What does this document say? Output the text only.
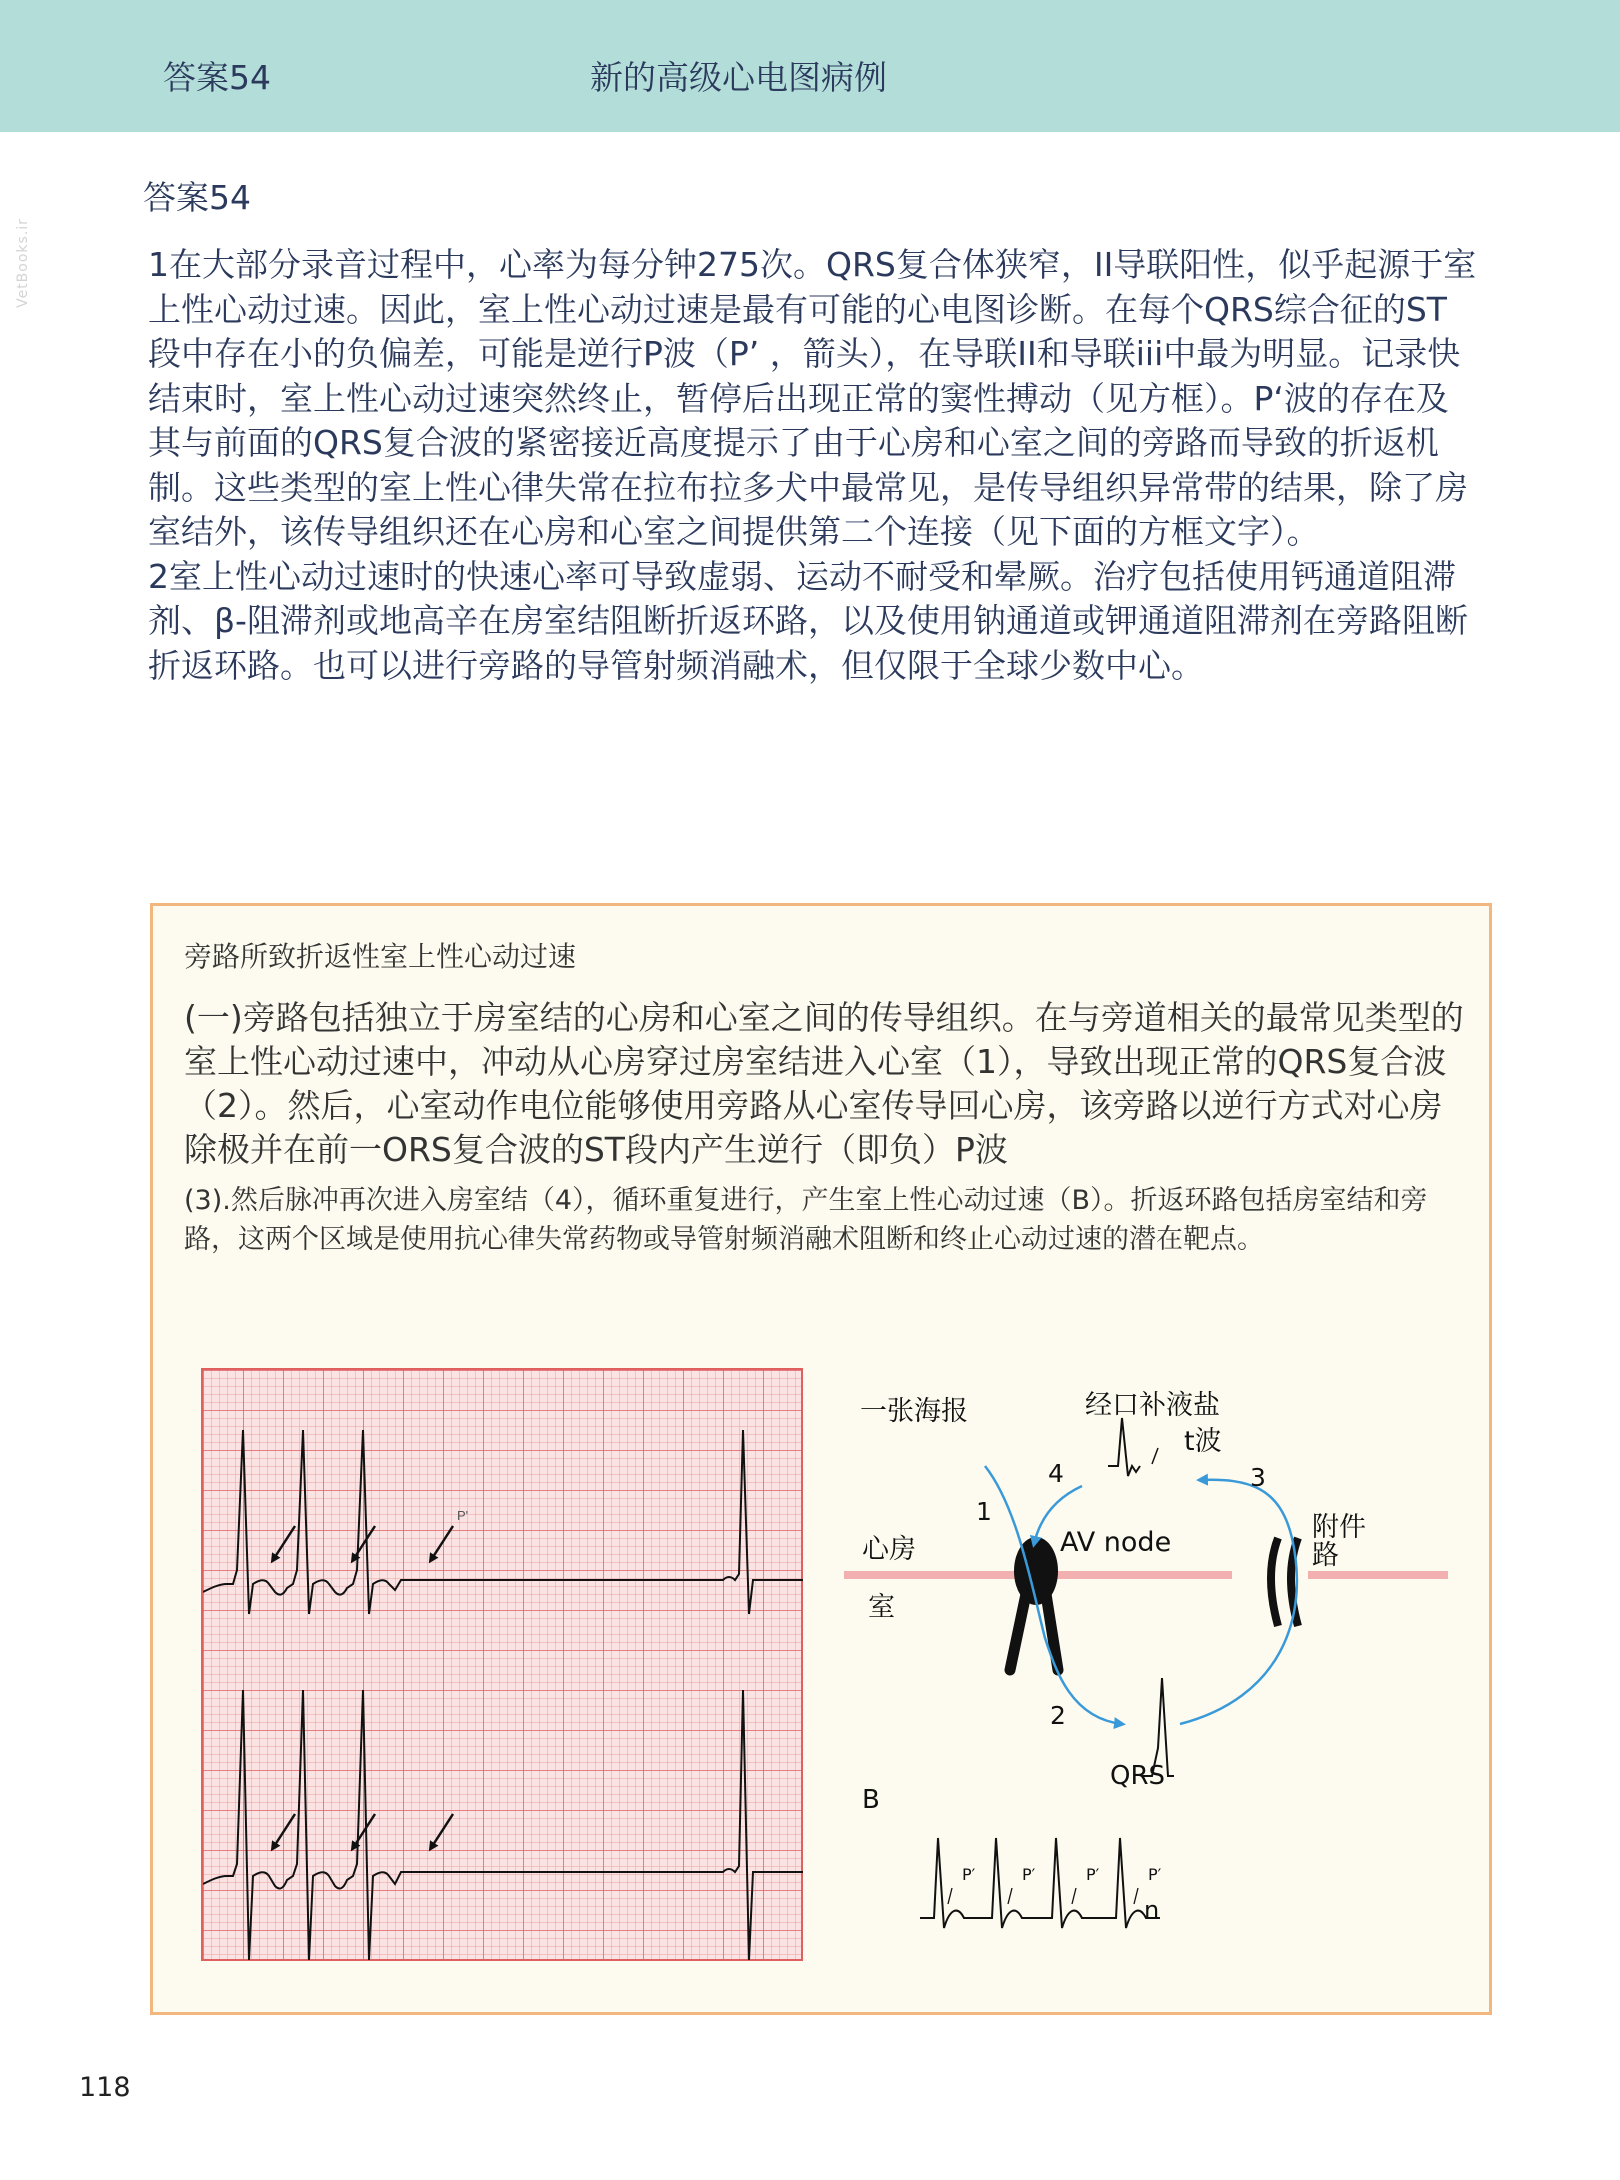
答案54	新的高级心电图病例
VetBooks.ir
答案54

1在大部分录音过程中，心率为每分钟275次。QRS复合体狭窄，II导联阳性，似乎起源于室上性心动过速。因此，室上性心动过速是最有可能的心电图诊断。在每个QRS综合征的ST段中存在小的负偏差，可能是逆行P波（P’ ，箭头），在导联II和导联iii中最为明显。记录快结束时，室上性心动过速突然终止，暂停后出现正常的窦性搏动（见方框）。P‘波的存在及其与前面的QRS复合波的紧密接近高度提示了由于心房和心室之间的旁路而导致的折返机制。这些类型的室上性心律失常在拉布拉多犬中最常见，是传导组织异常带的结果，除了房室结外，该传导组织还在心房和心室之间提供第二个连接（见下面的方框文字）。

2室上性心动过速时的快速心率可导致虚弱、运动不耐受和晕厥。治疗包括使用钙通道阻滞剂、β-阻滞剂或地高辛在房室结阻断折返环路，以及使用钠通道或钾通道阻滞剂在旁路阻断折返环路。也可以进行旁路的导管射频消融术，但仅限于全球少数中心。

旁路所致折返性室上性心动过速
(一)旁路包括独立于房室结的心房和心室之间的传导组织。在与旁道相关的最常见类型的室上性心动过速中，冲动从心房穿过房室结进入心室（1），导致出现正常的QRS复合波（2）。然后，心室动作电位能够使用旁路从心室传导回心房，该旁路以逆行方式对心房除极并在前一ORS复合波的ST段内产生逆行（即负）P波
(3).然后脉冲再次进入房室结（4），循环重复进行，产生室上性心动过速（B）。折返环路包括房室结和旁路，这两个区域是使用抗心律失常药物或导管射频消融术阻断和终止心动过速的潜在靶点。
P'
一张海报	经口补液盐
t波
AV node
心房
室
附件
路
QRS
B
1
2
3
4
P′	P′	P′	P′
n
118
